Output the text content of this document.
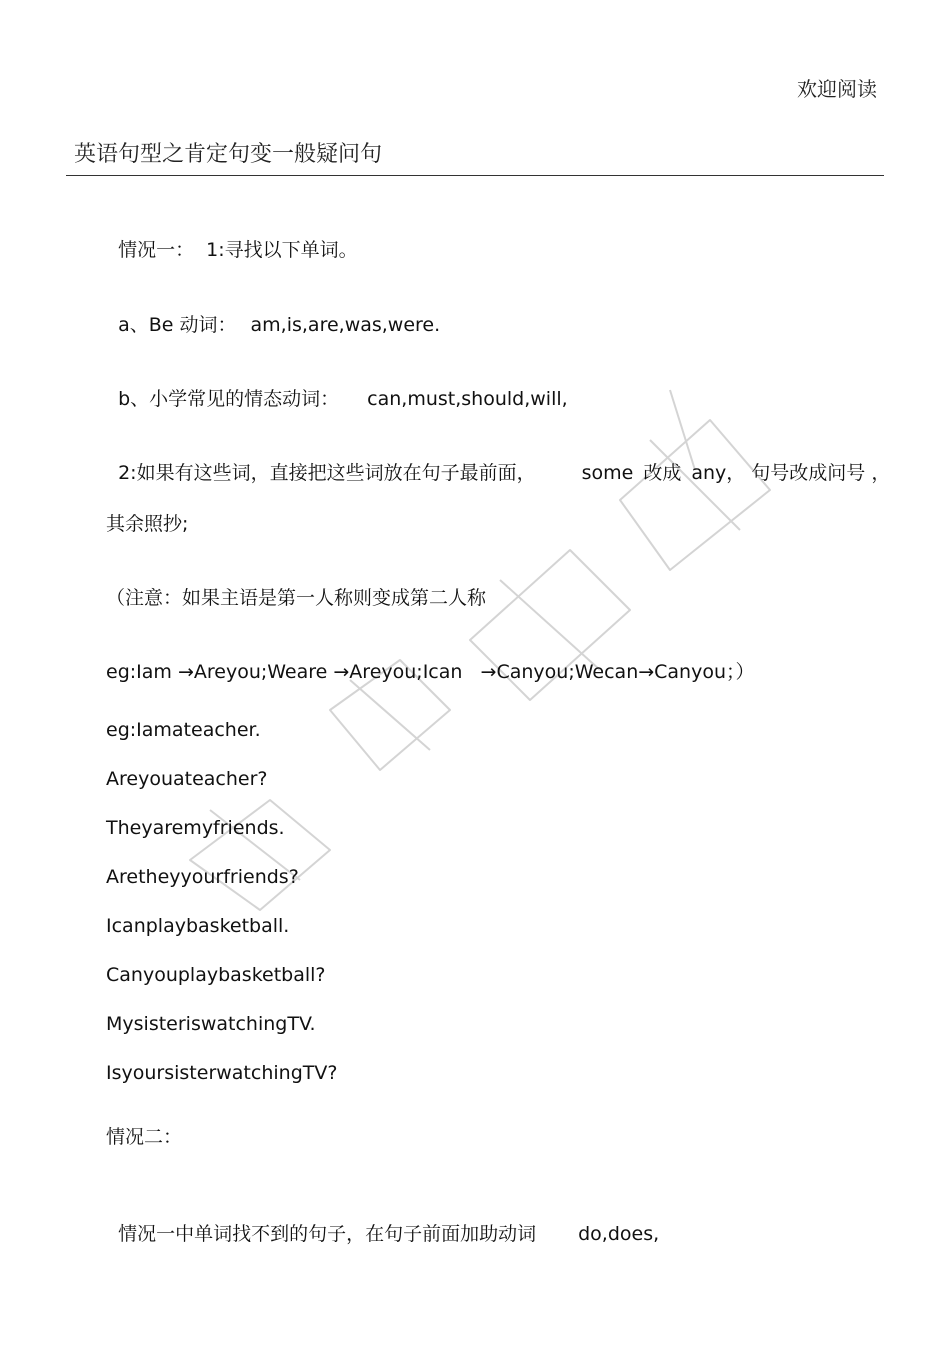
欢迎阅读
英语句型之肯定句变一般疑问句

情况一： 1:寻找以下单词。

a、Be 动词： am,is,are,was,were.

b、小学常见的情态动词： can,must,should,will,

2:如果有这些词，直接把这些词放在句子最前面， some 改成 any， 句号改成问号 ，

其余照抄;
（注意：如果主语是第一人称则变成第二人称
eg:Iam →Areyou;Weare →Areyou;Ican   →Canyou;Wecan→Canyou；）
eg:Iamateacher.
Areyouateacher?
Theyaremyfriends.
Aretheyyourfriends?
Icanplaybasketball.
Canyouplaybasketball?
MysisteriswatchingTV.
IsyoursisterwatchingTV?
情况二：

情况一中单词找不到的句子，在句子前面加助动词 do,does,
